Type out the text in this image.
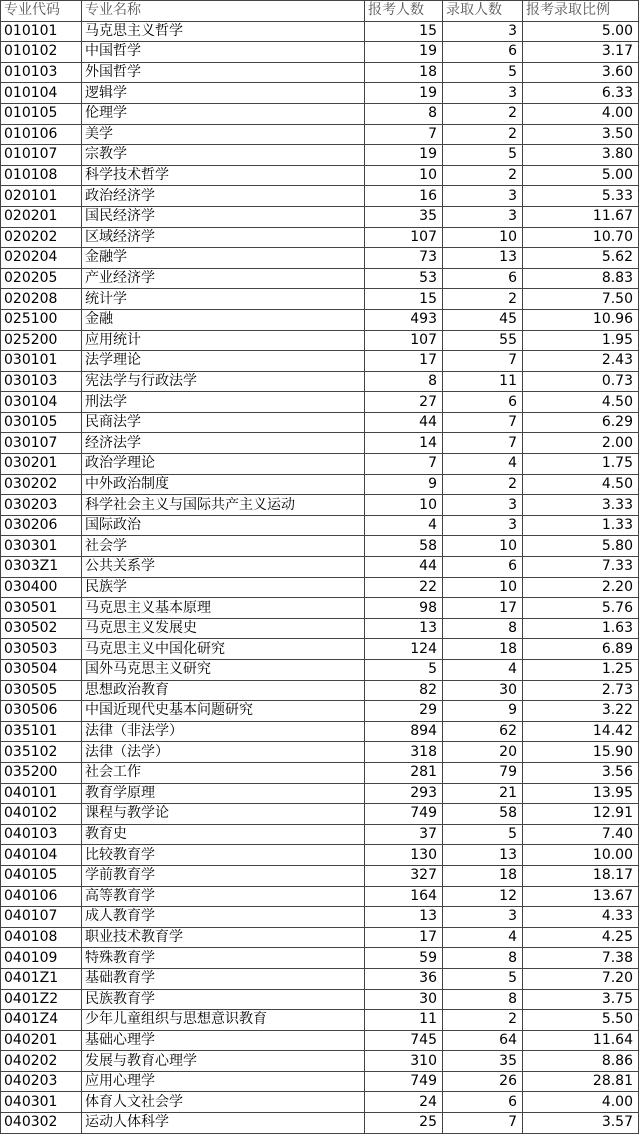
专业代码	专业名称	报考人数	录取人数	报考录取比例
010101	马克思主义哲学	15	3	5.00
010102	中国哲学	19	6	3.17
010103	外国哲学	18	5	3.60
010104	逻辑学	19	3	6.33
010105	伦理学	8	2	4.00
010106	美学	7	2	3.50
010107	宗教学	19	5	3.80
010108	科学技术哲学	10	2	5.00
020101	政治经济学	16	3	5.33
020201	国民经济学	35	3	11.67
020202	区域经济学	107	10	10.70
020204	金融学	73	13	5.62
020205	产业经济学	53	6	8.83
020208	统计学	15	2	7.50
025100	金融	493	45	10.96
025200	应用统计	107	55	1.95
030101	法学理论	17	7	2.43
030103	宪法学与行政法学	8	11	0.73
030104	刑法学	27	6	4.50
030105	民商法学	44	7	6.29
030107	经济法学	14	7	2.00
030201	政治学理论	7	4	1.75
030202	中外政治制度	9	2	4.50
030203	科学社会主义与国际共产主义运动	10	3	3.33
030206	国际政治	4	3	1.33
030301	社会学	58	10	5.80
0303Z1	公共关系学	44	6	7.33
030400	民族学	22	10	2.20
030501	马克思主义基本原理	98	17	5.76
030502	马克思主义发展史	13	8	1.63
030503	马克思主义中国化研究	124	18	6.89
030504	国外马克思主义研究	5	4	1.25
030505	思想政治教育	82	30	2.73
030506	中国近现代史基本问题研究	29	9	3.22
035101	法律（非法学）	894	62	14.42
035102	法律（法学）	318	20	15.90
035200	社会工作	281	79	3.56
040101	教育学原理	293	21	13.95
040102	课程与教学论	749	58	12.91
040103	教育史	37	5	7.40
040104	比较教育学	130	13	10.00
040105	学前教育学	327	18	18.17
040106	高等教育学	164	12	13.67
040107	成人教育学	13	3	4.33
040108	职业技术教育学	17	4	4.25
040109	特殊教育学	59	8	7.38
0401Z1	基础教育学	36	5	7.20
0401Z2	民族教育学	30	8	3.75
0401Z4	少年儿童组织与思想意识教育	11	2	5.50
040201	基础心理学	745	64	11.64
040202	发展与教育心理学	310	35	8.86
040203	应用心理学	749	26	28.81
040301	体育人文社会学	24	6	4.00
040302	运动人体科学	25	7	3.57
